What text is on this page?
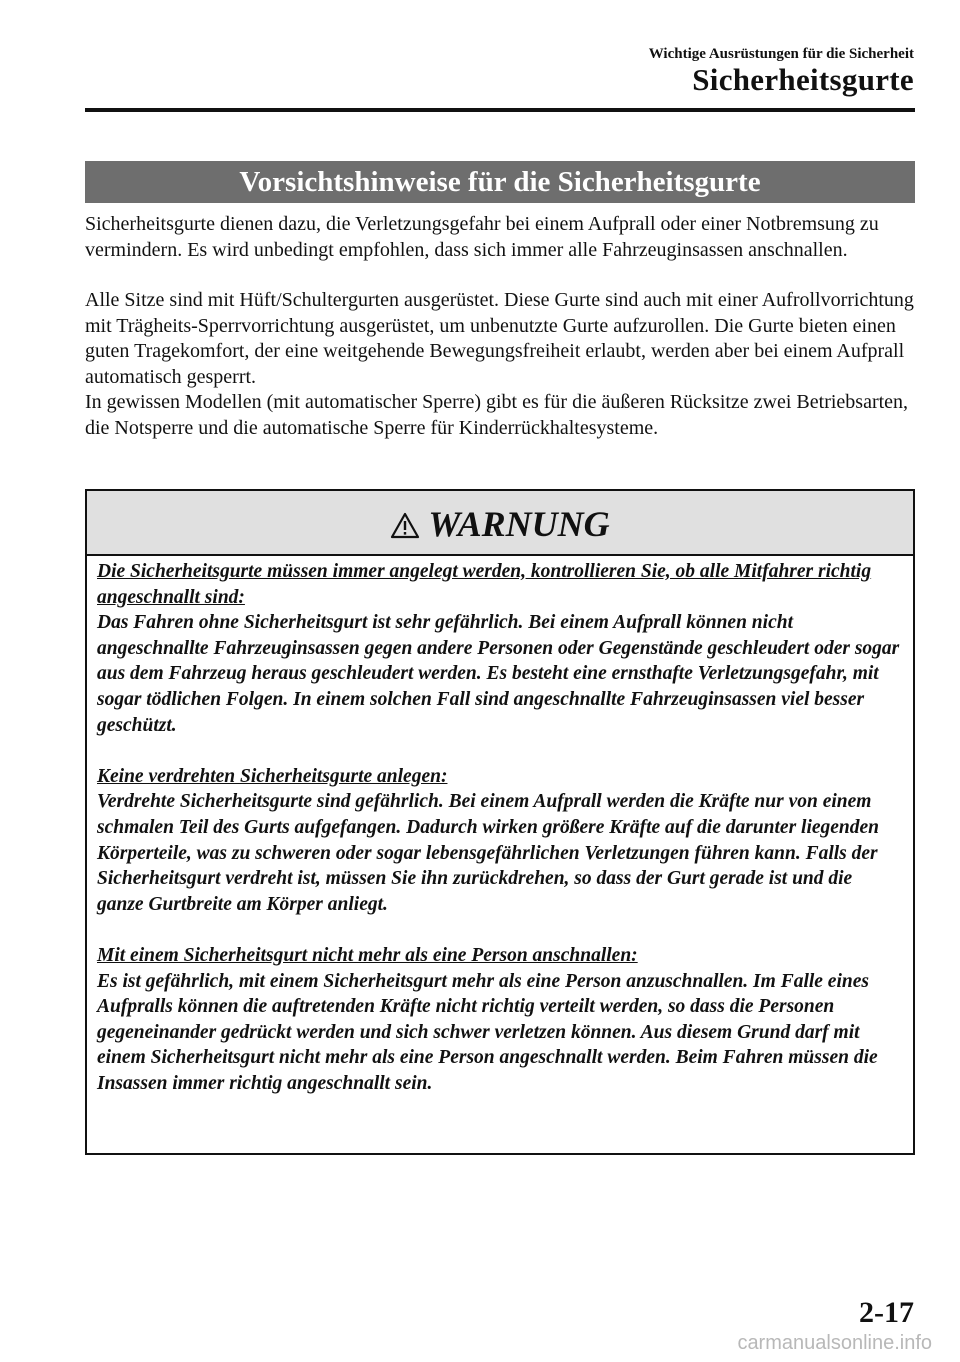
Wichtige Ausrüstungen für die Sicherheit
Sicherheitsgurte
Vorsichtshinweise für die Sicherheitsgurte

Sicherheitsgurte dienen dazu, die Verletzungsgefahr bei einem Aufprall oder einer Notbremsung zu vermindern. Es wird unbedingt empfohlen, dass sich immer alle Fahrzeuginsassen anschnallen.

Alle Sitze sind mit Hüft/Schultergurten ausgerüstet. Diese Gurte sind auch mit einer Aufrollvorrichtung mit Trägheits-Sperrvorrichtung ausgerüstet, um unbenutzte Gurte aufzurollen. Die Gurte bieten einen guten Tragekomfort, der eine weitgehende Bewegungsfreiheit erlaubt, werden aber bei einem Aufprall automatisch gesperrt.

In gewissen Modellen (mit automatischer Sperre) gibt es für die äußeren Rücksitze zwei Betriebsarten, die Notsperre und die automatische Sperre für Kinderrückhaltesysteme.

WARNUNG

Die Sicherheitsgurte müssen immer angelegt werden, kontrollieren Sie, ob alle Mitfahrer richtig angeschnallt sind:

Das Fahren ohne Sicherheitsgurt ist sehr gefährlich. Bei einem Aufprall können nicht angeschnallte Fahrzeuginsassen gegen andere Personen oder Gegenstände geschleudert oder sogar aus dem Fahrzeug heraus geschleudert werden. Es besteht eine ernsthafte Verletzungsgefahr, mit sogar tödlichen Folgen. In einem solchen Fall sind angeschnallte Fahrzeuginsassen viel besser geschützt.

Keine verdrehten Sicherheitsgurte anlegen:

Verdrehte Sicherheitsgurte sind gefährlich. Bei einem Aufprall werden die Kräfte nur von einem schmalen Teil des Gurts aufgefangen. Dadurch wirken größere Kräfte auf die darunter liegenden Körperteile, was zu schweren oder sogar lebensgefährlichen Verletzungen führen kann. Falls der Sicherheitsgurt verdreht ist, müssen Sie ihn zurückdrehen, so dass der Gurt gerade ist und die ganze Gurtbreite am Körper anliegt.

Mit einem Sicherheitsgurt nicht mehr als eine Person anschnallen:

Es ist gefährlich, mit einem Sicherheitsgurt mehr als eine Person anzuschnallen. Im Falle eines Aufpralls können die auftretenden Kräfte nicht richtig verteilt werden, so dass die Personen gegeneinander gedrückt werden und sich schwer verletzen können. Aus diesem Grund darf mit einem Sicherheitsgurt nicht mehr als eine Person angeschnallt werden. Beim Fahren müssen die Insassen immer richtig angeschnallt sein.

2-17
carmanualsonline.info
